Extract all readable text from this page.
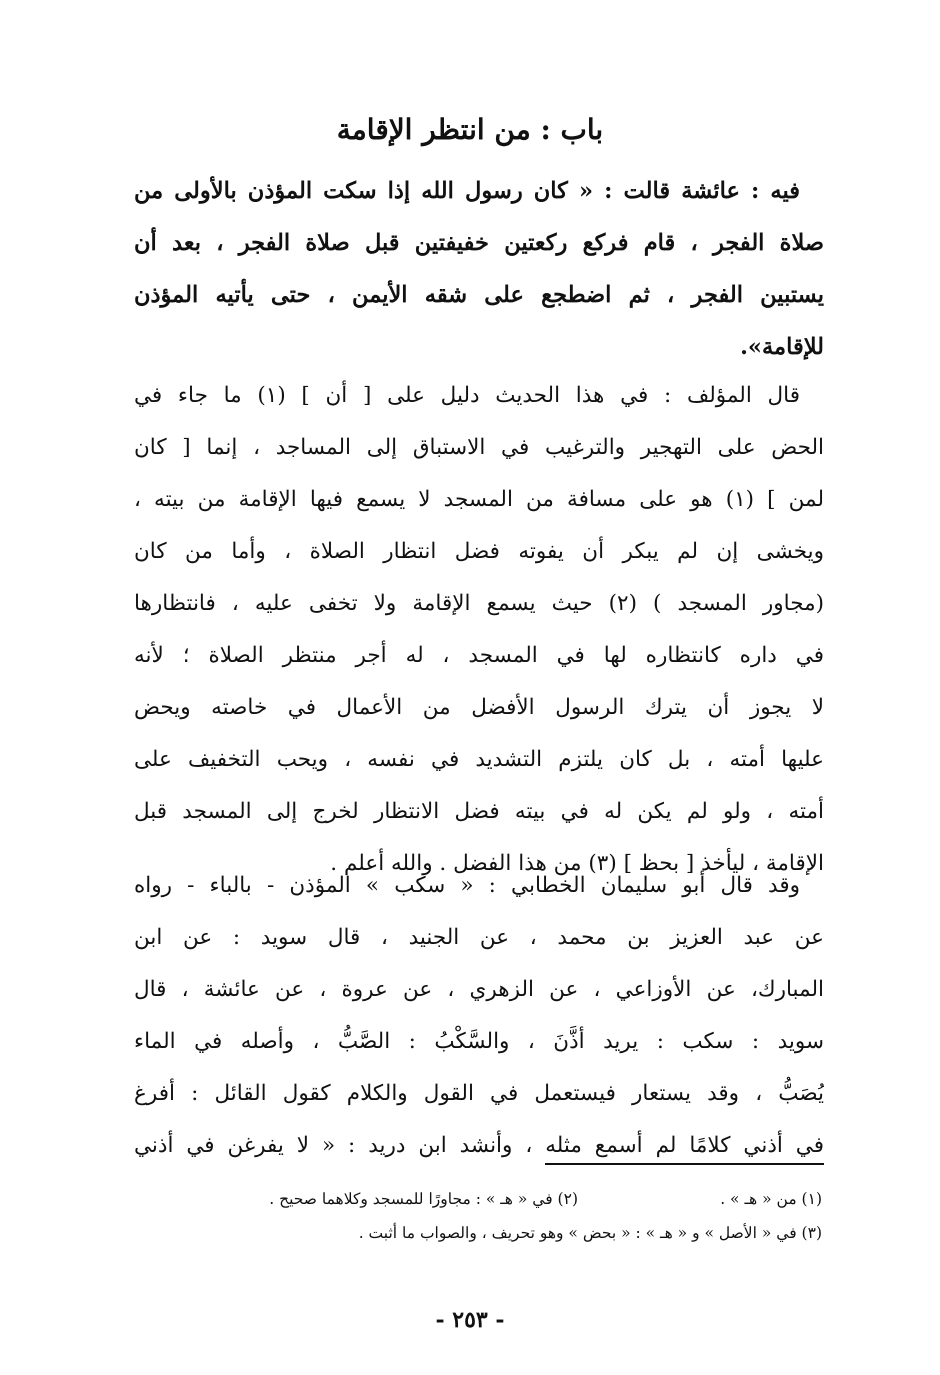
باب : من انتظر الإقامة
فيه : عائشة قالت : « كان رسول الله إذا سكت المؤذن بالأولى من
صلاة الفجر ، قام فركع ركعتين خفيفتين قبل صلاة الفجر ، بعد أن
يستبين الفجر ، ثم اضطجع على شقه الأيمن ، حتى يأتيه المؤذن
للإقامة».
قال المؤلف : في هذا الحديث دليل على [ أن ] (١) ما جاء في
الحض على التهجير والترغيب في الاستباق إلى المساجد ، إنما [ كان
لمن ] (١) هو على مسافة من المسجد لا يسمع فيها الإقامة من بيته ،
ويخشى إن لم يبكر أن يفوته فضل انتظار الصلاة ، وأما من كان
(مجاور المسجد ) (٢) حيث يسمع الإقامة ولا تخفى عليه ، فانتظارها
في داره كانتظاره لها في المسجد ، له أجر منتظر الصلاة ؛ لأنه
لا يجوز أن يترك الرسول الأفضل من الأعمال في خاصته ويحض
عليها أمته ، بل كان يلتزم التشديد في نفسه ، ويحب التخفيف على
أمته ، ولو لم يكن له في بيته فضل الانتظار لخرج إلى المسجد قبل
الإقامة ، ليأخذ [ بحظ ] (٣) من هذا الفضل . والله أعلم .
وقد قال أبو سليمان الخطابي : « سكب » المؤذن - بالباء - رواه
عن عبد العزيز بن محمد ، عن الجنيد ، قال سويد : عن ابن
المبارك، عن الأوزاعي ، عن الزهري ، عن عروة ، عن عائشة ، قال
سويد : سكب : يريد أذَّنَ ، والسَّكْبُ : الصَّبُّ ، وأصله في الماء
يُصَبُّ ، وقد يستعار فيستعمل في القول والكلام كقول القائل : أفرغ
في أذني كلامًا لم أسمع مثله ، وأنشد ابن دريد : « لا يفرغن في أذني
(١) من « هـ » .
(٢) في « هـ » : مجاورًا للمسجد وكلاهما صحيح .
(٣) في « الأصل » و « هـ » : « بحض » وهو تحريف ، والصواب ما أثبت .
- ٢٥٣ -
